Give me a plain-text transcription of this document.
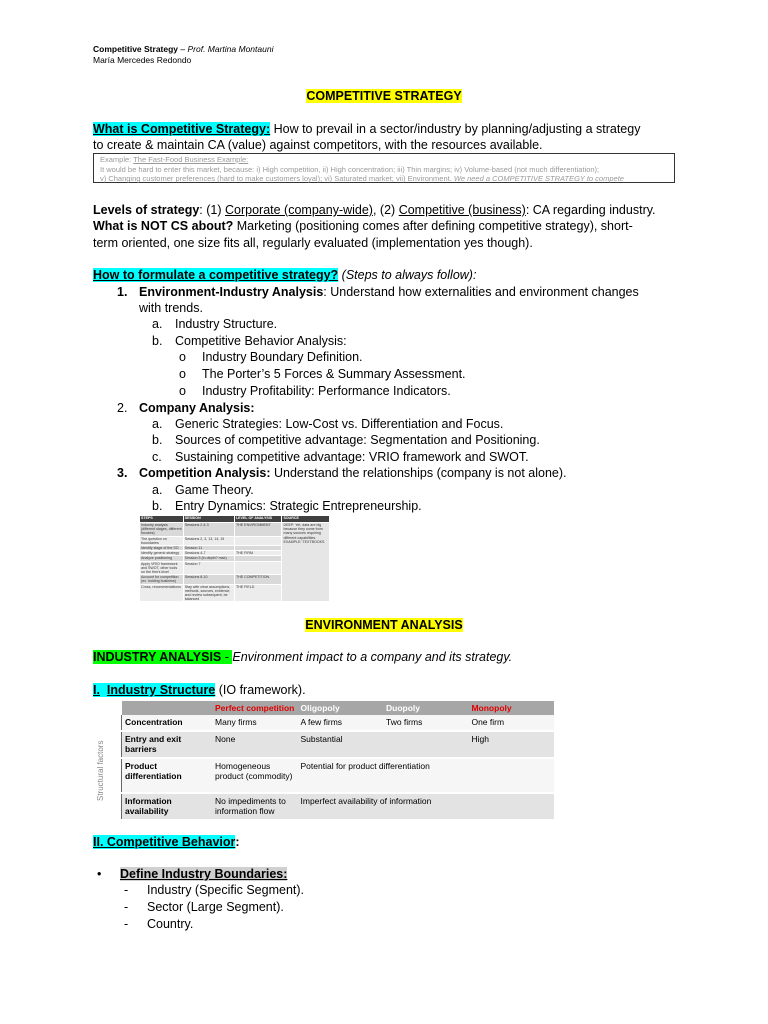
Competitive Strategy – Prof. Martina Montauni
María Mercedes Redondo
COMPETITIVE STRATEGY
What is Competitive Strategy: How to prevail in a sector/industry by planning/adjusting a strategy
to create & maintain CA (value) against competitors, with the resources available.
Example: The Fast-Food Business Example:
It would be hard to enter this market, because: i) High competition, ii) High concentration; iii) Thin margins; iv) Volume-based (not much differentiation);
v) Changing customer preferences (hard to make customers loyal); vi) Saturated market; vii) Environment. We need a COMPETITIVE STRATEGY to compete
Levels of strategy: (1) Corporate (company-wide), (2) Competitive (business): CA regarding industry.
What is NOT CS about? Marketing (positioning comes after defining competitive strategy), short-
term oriented, one size fits all, regularly evaluated (implementation yes though).
How to formulate a competitive strategy? (Steps to always follow):
1. Environment-Industry Analysis: Understand how externalities and environment changes
with trends.
a. Industry Structure.
b. Competitive Behavior Analysis:
o Industry Boundary Definition.
o The Porter’s 5 Forces & Summary Assessment.
o Industry Profitability: Performance Indicators.
2. Company Analysis:
a. Generic Strategies: Low-Cost vs. Differentiation and Focus.
b. Sources of competitive advantage: Segmentation and Positioning.
c. Sustaining competitive advantage: VRIO framework and SWOT.
3. Competition Analysis: Understand the relationships (company is not alone).
a. Game Theory.
b. Entry Dynamics: Strategic Entrepreneurship.
STEPS	SESSION	LEVEL OF ANALYSIS	SOURCE
Industry analysis (different stages, different focuses)	Sessions 2 & 3	THE ENVIRONMENT	DEEP: Yet, data are big because they come from many sources requiring different capabilities. EXAMPLE: TEXTBOOKS
The question on boundaries	Sessions 2, 3, 13, 14, 15		
Identify stage of the SO	Session 11		
Identify generic strategy	Sessions 4-7	THE FIRM	
Analyze positioning	Session 5 (in-depth? max)		
Apply VRIO framework and SWOT, other tools on the firm's level	Session 7		
Account for competition (ex. holding business)	Sessions 8-10	THE COMPETITION	
Cross, recommendations	Stay with clear assumptions, methods, sources, evidence, and review subsequent, be balanced	THE FIELD	
ENVIRONMENT ANALYSIS
INDUSTRY ANALYSIS - Environment impact to a company and its strategy.
I. Industry Structure (IO framework).
Structural factors
	Perfect competition	Oligopoly	Duopoly	Monopoly
Concentration	Many firms	A few firms	Two firms	One firm
Entry and exit barriers	None	Substantial		High
Product differentiation	Homogeneous product (commodity)	Potential for product differentiation		
Information availability	No impediments to information flow	Imperfect availability of information		
II. Competitive Behavior:
• Define Industry Boundaries:
- Industry (Specific Segment).
- Sector (Large Segment).
- Country.
